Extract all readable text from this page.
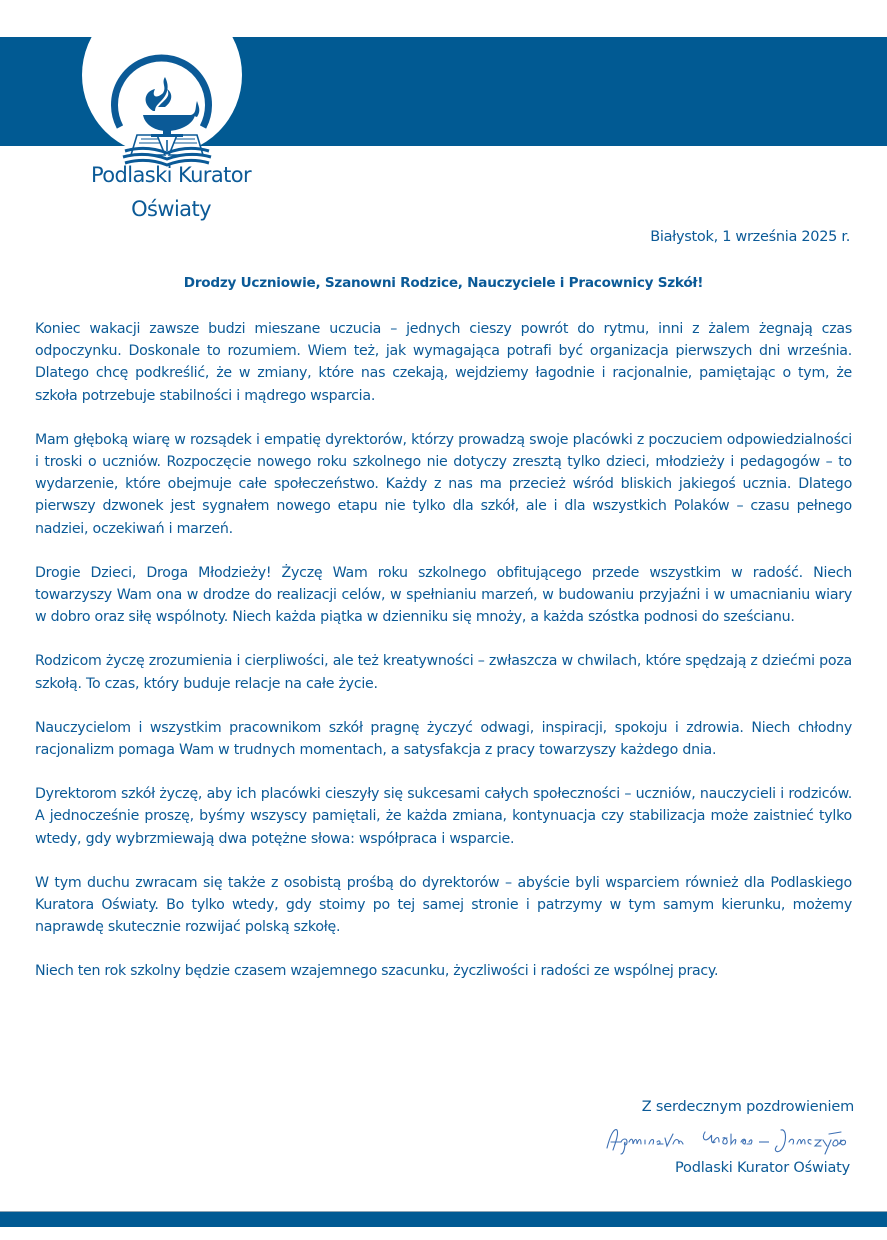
Podlaski Kurator
Oświaty
Białystok, 1 września 2025 r.
Drodzy Uczniowie, Szanowni Rodzice, Nauczyciele i Pracownicy Szkół!

Koniec wakacji zawsze budzi mieszane uczucia – jednych cieszy powrót do rytmu, inni z żalem żegnają czas odpoczynku. Doskonale to rozumiem. Wiem też, jak wymagająca potrafi być organizacja pierwszych dni września. Dlatego chcę podkreślić, że w zmiany, które nas czekają, wejdziemy łagodnie i racjonalnie, pamiętając o tym, że szkoła potrzebuje stabilności i mądrego wsparcia.

Mam głęboką wiarę w rozsądek i empatię dyrektorów, którzy prowadzą swoje placówki z poczuciem odpowiedzialności i troski o uczniów. Rozpoczęcie nowego roku szkolnego nie dotyczy zresztą tylko dzieci, młodzieży i pedagogów – to wydarzenie, które obejmuje całe społeczeństwo. Każdy z nas ma przecież wśród bliskich jakiegoś ucznia. Dlatego pierwszy dzwonek jest sygnałem nowego etapu nie tylko dla szkół, ale i dla wszystkich Polaków – czasu pełnego nadziei, oczekiwań i marzeń.

Drogie Dzieci, Droga Młodzieży! Życzę Wam roku szkolnego obfitującego przede wszystkim w radość. Niech towarzyszy Wam ona w drodze do realizacji celów, w spełnianiu marzeń, w budowaniu przyjaźni i w umacnianiu wiary w dobro oraz siłę wspólnoty. Niech każda piątka w dzienniku się mnoży, a każda szóstka podnosi do sześcianu.

Rodzicom życzę zrozumienia i cierpliwości, ale też kreatywności – zwłaszcza w chwilach, które spędzają z dziećmi poza szkołą. To czas, który buduje relacje na całe życie.

Nauczycielom i wszystkim pracownikom szkół pragnę życzyć odwagi, inspiracji, spokoju i zdrowia. Niech chłodny racjonalizm pomaga Wam w trudnych momentach, a satysfakcja z pracy towarzyszy każdego dnia.

Dyrektorom szkół życzę, aby ich placówki cieszyły się sukcesami całych społeczności – uczniów, nauczycieli i rodziców. A jednocześnie proszę, byśmy wszyscy pamiętali, że każda zmiana, kontynuacja czy stabilizacja może zaistnieć tylko wtedy, gdy wybrzmiewają dwa potężne słowa: współpraca i wsparcie.

W tym duchu zwracam się także z osobistą prośbą do dyrektorów – abyście byli wsparciem również dla Podlaskiego Kuratora Oświaty. Bo tylko wtedy, gdy stoimy po tej samej stronie i patrzymy w tym samym kierunku, możemy naprawdę skutecznie rozwijać polską szkołę.

Niech ten rok szkolny będzie czasem wzajemnego szacunku, życzliwości i radości ze wspólnej pracy.

Z serdecznym pozdrowieniem
Podlaski Kurator Oświaty
